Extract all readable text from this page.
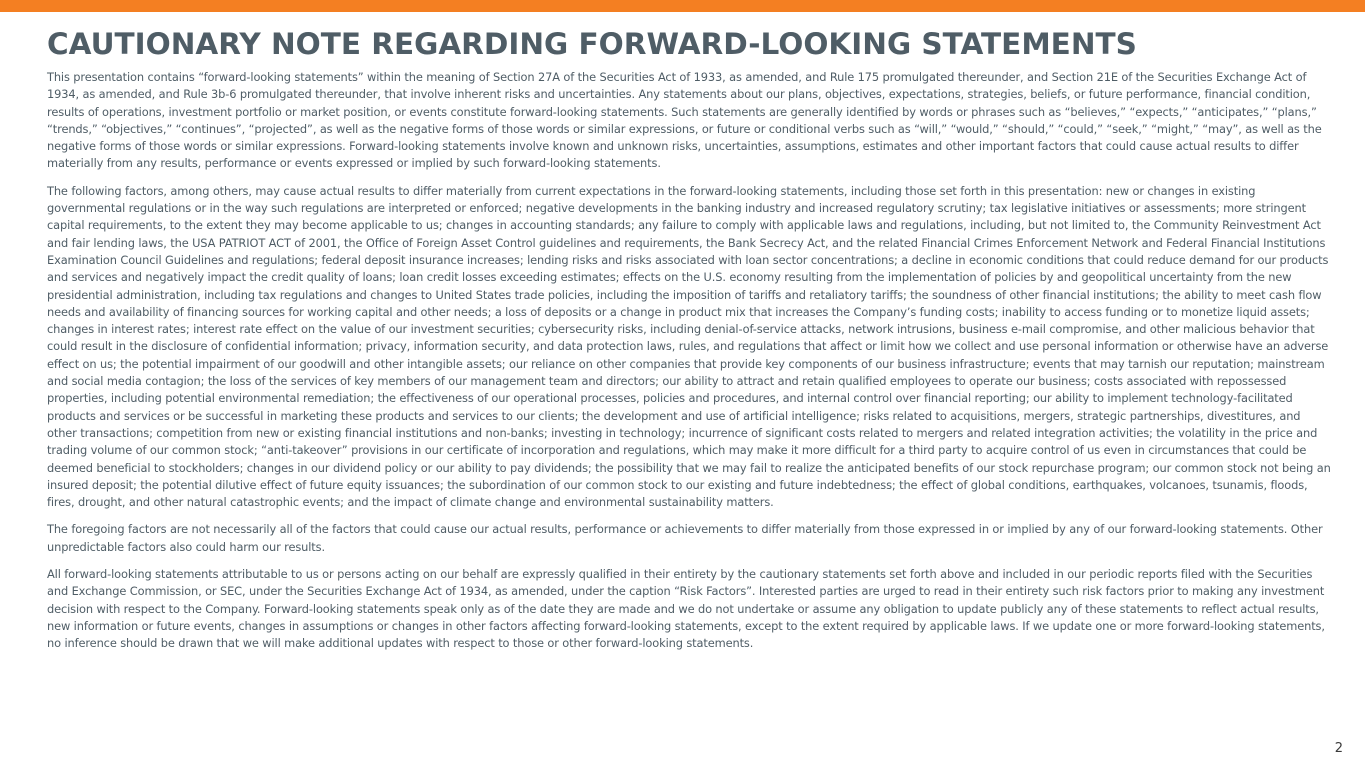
CAUTIONARY NOTE REGARDING FORWARD-LOOKING STATEMENTS

This presentation contains “forward-looking statements” within the meaning of Section 27A of the Securities Act of 1933, as amended, and Rule 175 promulgated thereunder, and Section 21E of the Securities Exchange Act of 1934, as amended, and Rule 3b-6 promulgated thereunder, that involve inherent risks and uncertainties. Any statements about our plans, objectives, expectations, strategies, beliefs, or future performance, financial condition, results of operations, investment portfolio or market position, or events constitute forward-looking statements. Such statements are generally identified by words or phrases such as “believes,” “expects,” “anticipates,” “plans,” “trends,” “objectives,” “continues”, “projected”, as well as the negative forms of those words or similar expressions, or future or conditional verbs such as “will,” “would,” “should,” “could,” “seek,” “might,” “may”, as well as the negative forms of those words or similar expressions. Forward-looking statements involve known and unknown risks, uncertainties, assumptions, estimates and other important factors that could cause actual results to differ materially from any results, performance or events expressed or implied by such forward-looking statements.

The following factors, among others, may cause actual results to differ materially from current expectations in the forward-looking statements, including those set forth in this presentation: new or changes in existing governmental regulations or in the way such regulations are interpreted or enforced; negative developments in the banking industry and increased regulatory scrutiny; tax legislative initiatives or assessments; more stringent capital requirements, to the extent they may become applicable to us; changes in accounting standards; any failure to comply with applicable laws and regulations, including, but not limited to, the Community Reinvestment Act and fair lending laws, the USA PATRIOT ACT of 2001, the Office of Foreign Asset Control guidelines and requirements, the Bank Secrecy Act, and the related Financial Crimes Enforcement Network and Federal Financial Institutions Examination Council Guidelines and regulations; federal deposit insurance increases; lending risks and risks associated with loan sector concentrations; a decline in economic conditions that could reduce demand for our products and services and negatively impact the credit quality of loans; loan credit losses exceeding estimates; effects on the U.S. economy resulting from the implementation of policies by and geopolitical uncertainty from the new presidential administration, including tax regulations and changes to United States trade policies, including the imposition of tariffs and retaliatory tariffs; the soundness of other financial institutions; the ability to meet cash flow needs and availability of financing sources for working capital and other needs; a loss of deposits or a change in product mix that increases the Company’s funding costs; inability to access funding or to monetize liquid assets; changes in interest rates; interest rate effect on the value of our investment securities; cybersecurity risks, including denial-of-service attacks, network intrusions, business e-mail compromise, and other malicious behavior that could result in the disclosure of confidential information; privacy, information security, and data protection laws, rules, and regulations that affect or limit how we collect and use personal information or otherwise have an adverse effect on us; the potential impairment of our goodwill and other intangible assets; our reliance on other companies that provide key components of our business infrastructure; events that may tarnish our reputation; mainstream and social media contagion; the loss of the services of key members of our management team and directors; our ability to attract and retain qualified employees to operate our business; costs associated with repossessed properties, including potential environmental remediation; the effectiveness of our operational processes, policies and procedures, and internal control over financial reporting; our ability to implement technology-facilitated products and services or be successful in marketing these products and services to our clients; the development and use of artificial intelligence; risks related to acquisitions, mergers, strategic partnerships, divestitures, and other transactions; competition from new or existing financial institutions and non-banks; investing in technology; incurrence of significant costs related to mergers and related integration activities; the volatility in the price and trading volume of our common stock; “anti-takeover” provisions in our certificate of incorporation and regulations, which may make it more difficult for a third party to acquire control of us even in circumstances that could be deemed beneficial to stockholders; changes in our dividend policy or our ability to pay dividends; the possibility that we may fail to realize the anticipated benefits of our stock repurchase program; our common stock not being an insured deposit; the potential dilutive effect of future equity issuances; the subordination of our common stock to our existing and future indebtedness; the effect of global conditions, earthquakes, volcanoes, tsunamis, floods, fires, drought, and other natural catastrophic events; and the impact of climate change and environmental sustainability matters.

The foregoing factors are not necessarily all of the factors that could cause our actual results, performance or achievements to differ materially from those expressed in or implied by any of our forward-looking statements. Other unpredictable factors also could harm our results.

All forward-looking statements attributable to us or persons acting on our behalf are expressly qualified in their entirety by the cautionary statements set forth above and included in our periodic reports filed with the Securities and Exchange Commission, or SEC, under the Securities Exchange Act of 1934, as amended, under the caption “Risk Factors”. Interested parties are urged to read in their entirety such risk factors prior to making any investment decision with respect to the Company. Forward-looking statements speak only as of the date they are made and we do not undertake or assume any obligation to update publicly any of these statements to reflect actual results, new information or future events, changes in assumptions or changes in other factors affecting forward-looking statements, except to the extent required by applicable laws. If we update one or more forward-looking statements, no inference should be drawn that we will make additional updates with respect to those or other forward-looking statements.

2
